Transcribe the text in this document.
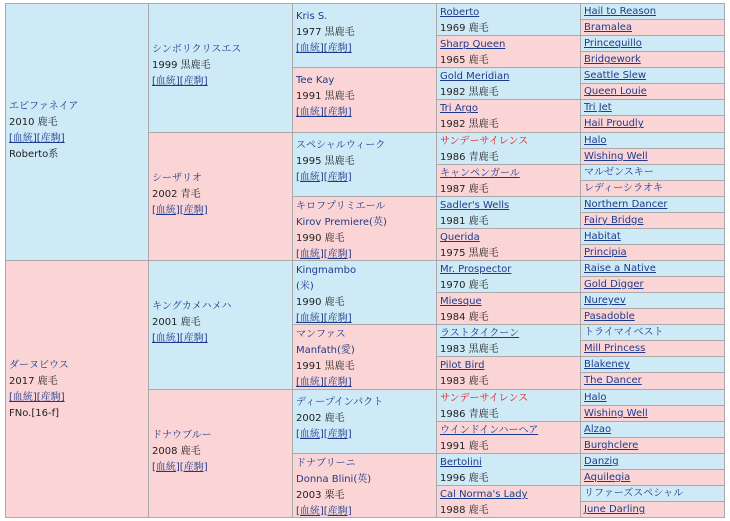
エピファネイア
2010 鹿毛
[血統][産駒]
Roberto系
ダーヌビウス
2017 鹿毛
[血統][産駒]
FNo.[16-f]
シンボリクリスエス
1999 黒鹿毛
[血統][産駒]
シーザリオ
2002 青毛
[血統][産駒]
キングカメハメハ
2001 鹿毛
[血統][産駒]
ドナウブルー
2008 鹿毛
[血統][産駒]
Kris S.
1977 黒鹿毛
[血統][産駒]
Tee Kay
1991 黒鹿毛
[血統][産駒]
スペシャルウィーク
1995 黒鹿毛
[血統][産駒]
キロフプリミエール
Kirov Premiere(英)
1990 鹿毛
[血統][産駒]
Kingmambo
(米)
1990 鹿毛
[血統][産駒]
マンファス
Manfath(愛)
1991 黒鹿毛
[血統][産駒]
ディープインパクト
2002 鹿毛
[血統][産駒]
ドナブリーニ
Donna Blini(英)
2003 栗毛
[血統][産駒]
Roberto
1969 鹿毛
Sharp Queen
1965 鹿毛
Gold Meridian
1982 黒鹿毛
Tri Argo
1982 黒鹿毛
サンデーサイレンス
1986 青鹿毛
キャンペンガール
1987 鹿毛
Sadler's Wells
1981 鹿毛
Querida
1975 黒鹿毛
Mr. Prospector
1970 鹿毛
Miesque
1984 鹿毛
ラストタイクーン
1983 黒鹿毛
Pilot Bird
1983 鹿毛
サンデーサイレンス
1986 青鹿毛
ウインドインハーヘア
1991 鹿毛
Bertolini
1996 鹿毛
Cal Norma's Lady
1988 鹿毛
Hail to Reason
Bramalea
Princequillo
Bridgework
Seattle Slew
Queen Louie
Tri Jet
Hail Proudly
Halo
Wishing Well
マルゼンスキー
レディーシラオキ
Northern Dancer
Fairy Bridge
Habitat
Principia
Raise a Native
Gold Digger
Nureyev
Pasadoble
トライマイベスト
Mill Princess
Blakeney
The Dancer
Halo
Wishing Well
Alzao
Burghclere
Danzig
Aquilegia
リファーズスペシャル
June Darling
